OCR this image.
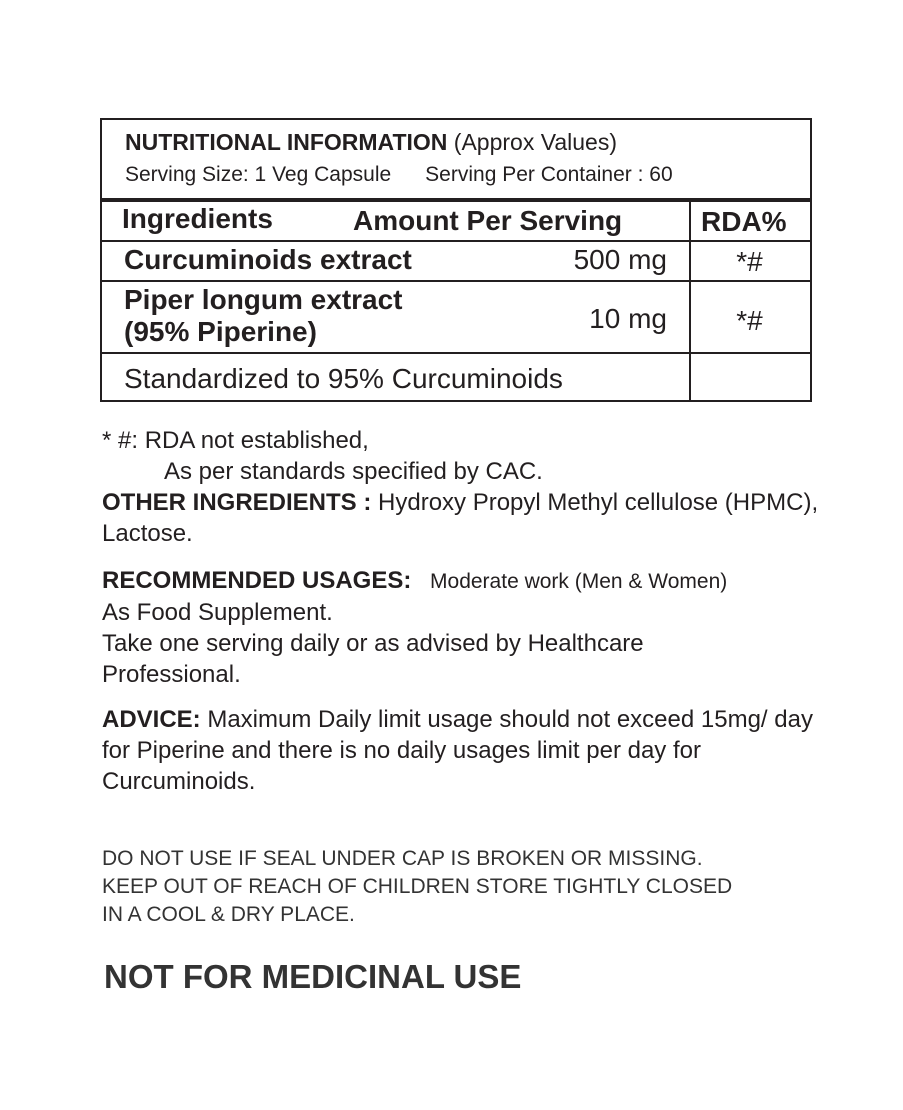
NUTRITIONAL INFORMATION (Approx Values)
Serving Size: 1 Veg Capsule Serving Per Container : 60
Ingredients	Amount Per Serving	RDA%
Curcuminoids extract	500 mg	*#
Piper longum extract
(95% Piperine)	10 mg	*#
Standardized to 95% Curcuminoids
* #: RDA not established,
As per standards specified by CAC.
OTHER INGREDIENTS : Hydroxy Propyl Methyl cellulose (HPMC), Lactose.
RECOMMENDED USAGES: Moderate work (Men & Women)
As Food Supplement.
Take one serving daily or as advised by Healthcare Professional.
ADVICE: Maximum Daily limit usage should not exceed 15mg/ day for Piperine and there is no daily usages limit per day for Curcuminoids.
DO NOT USE IF SEAL UNDER CAP IS BROKEN OR MISSING.
KEEP OUT OF REACH OF CHILDREN STORE TIGHTLY CLOSED
IN A COOL & DRY PLACE.
NOT FOR MEDICINAL USE
